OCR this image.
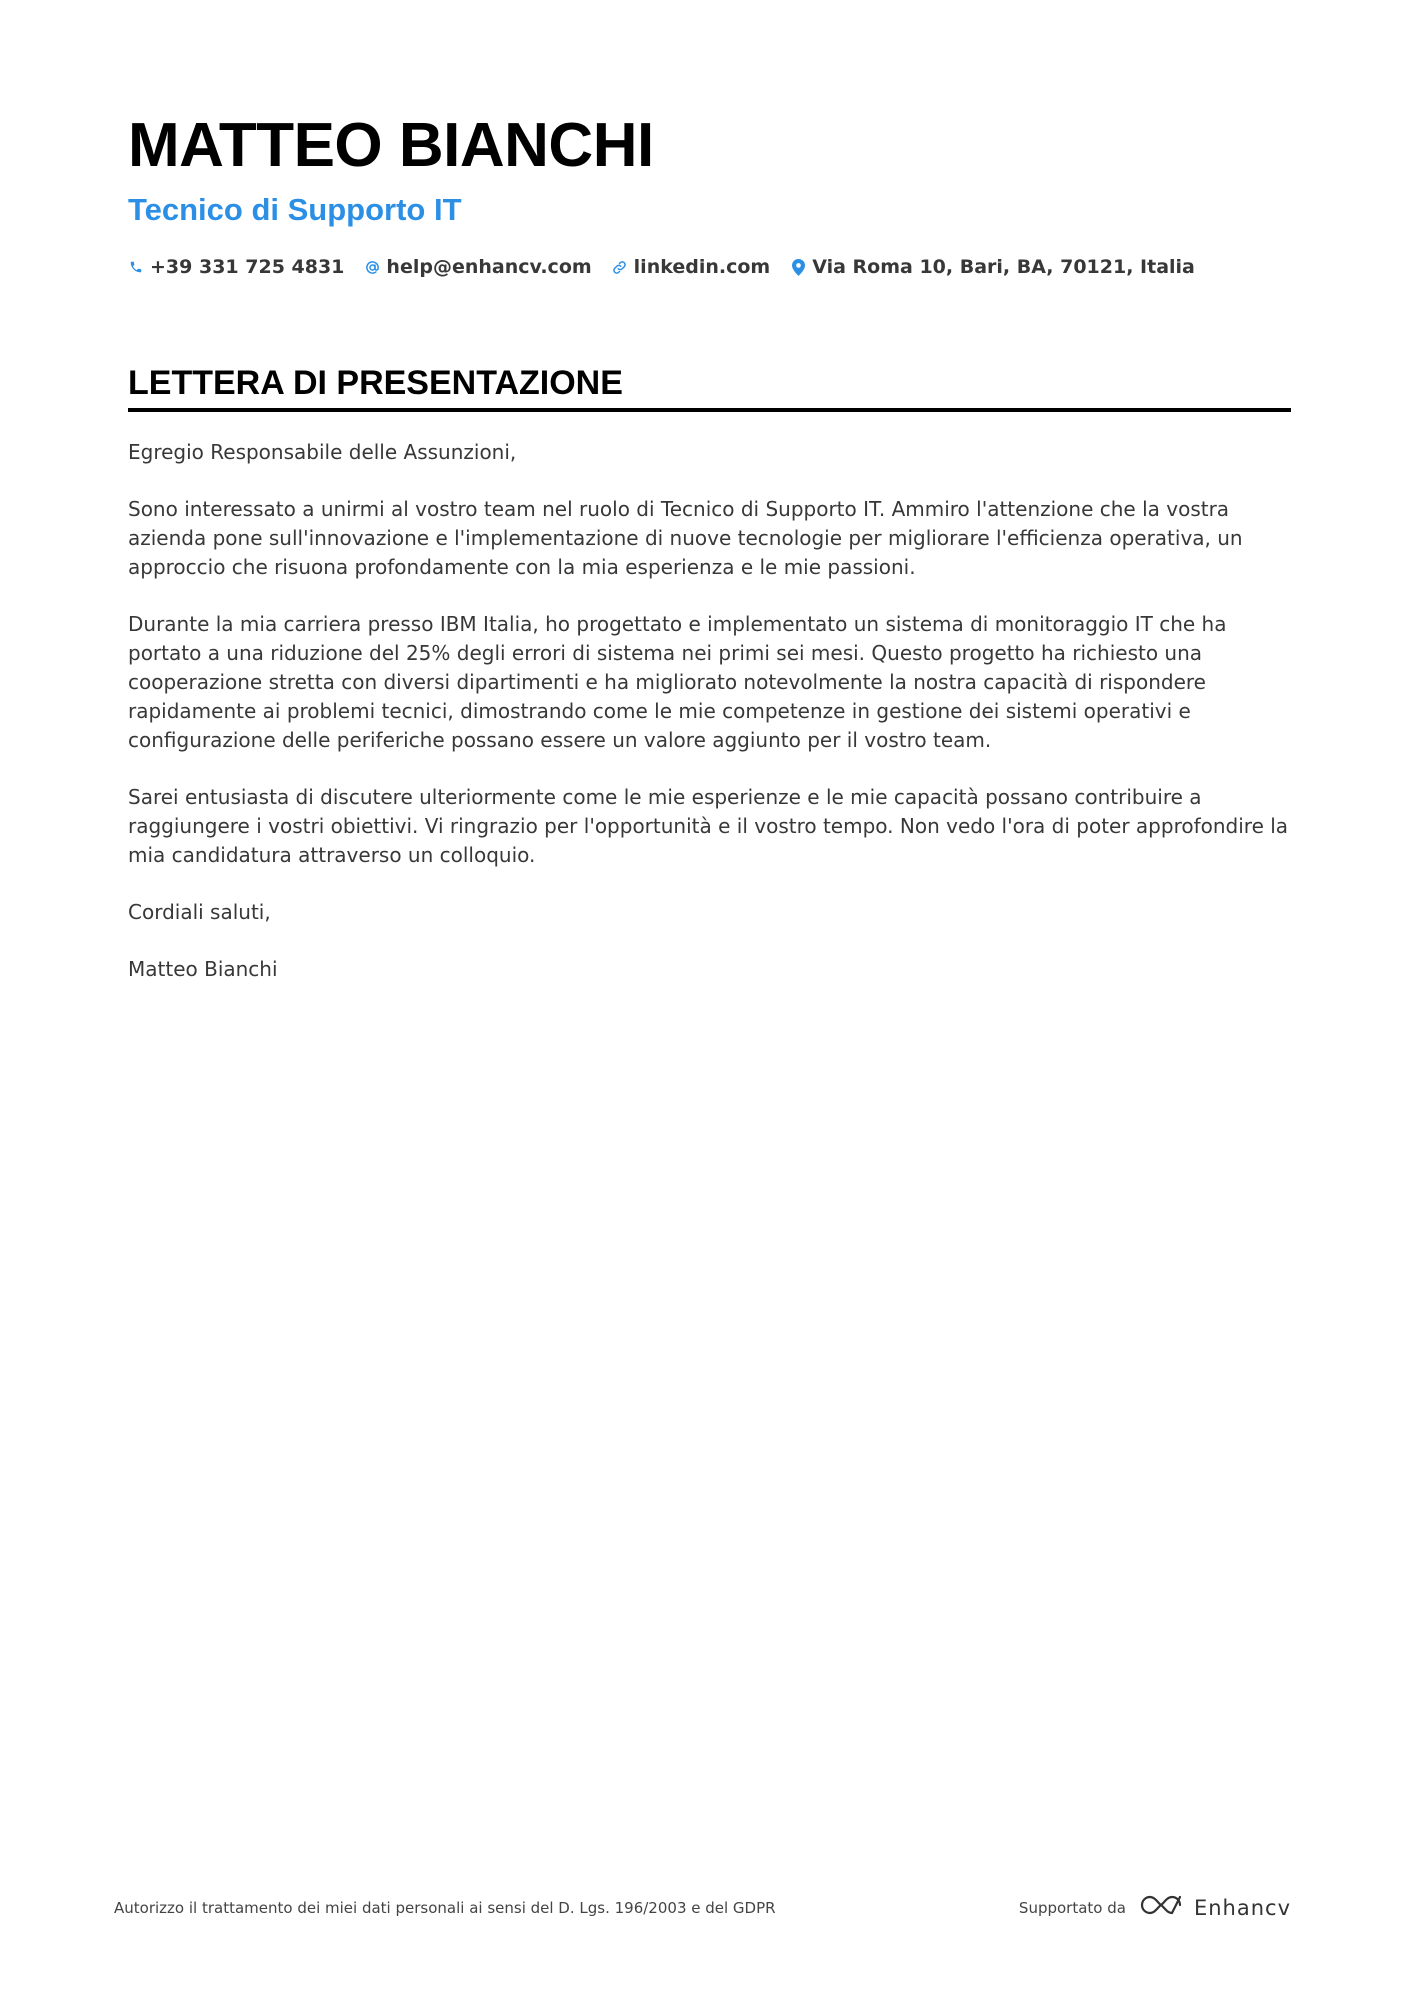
MATTEO BIANCHI
Tecnico di Supporto IT
+39 331 725 4831 help@enhancv.com linkedin.com Via Roma 10, Bari, BA, 70121, Italia
LETTERA DI PRESENTAZIONE

Egregio Responsabile delle Assunzioni,

Sono interessato a unirmi al vostro team nel ruolo di Tecnico di Supporto IT. Ammiro l'attenzione che la vostra azienda pone sull'innovazione e l'implementazione di nuove tecnologie per migliorare l'efficienza operativa, un approccio che risuona profondamente con la mia esperienza e le mie passioni.

Durante la mia carriera presso IBM Italia, ho progettato e implementato un sistema di monitoraggio IT che ha portato a una riduzione del 25% degli errori di sistema nei primi sei mesi. Questo progetto ha richiesto una cooperazione stretta con diversi dipartimenti e ha migliorato notevolmente la nostra capacità di rispondere rapidamente ai problemi tecnici, dimostrando come le mie competenze in gestione dei sistemi operativi e configurazione delle periferiche possano essere un valore aggiunto per il vostro team.

Sarei entusiasta di discutere ulteriormente come le mie esperienze e le mie capacità possano contribuire a raggiungere i vostri obiettivi. Vi ringrazio per l'opportunità e il vostro tempo. Non vedo l'ora di poter approfondire la mia candidatura attraverso un colloquio.

Cordiali saluti,

Matteo Bianchi

Autorizzo il trattamento dei miei dati personali ai sensi del D. Lgs. 196/2003 e del GDPR	Supportato da	Enhancv
